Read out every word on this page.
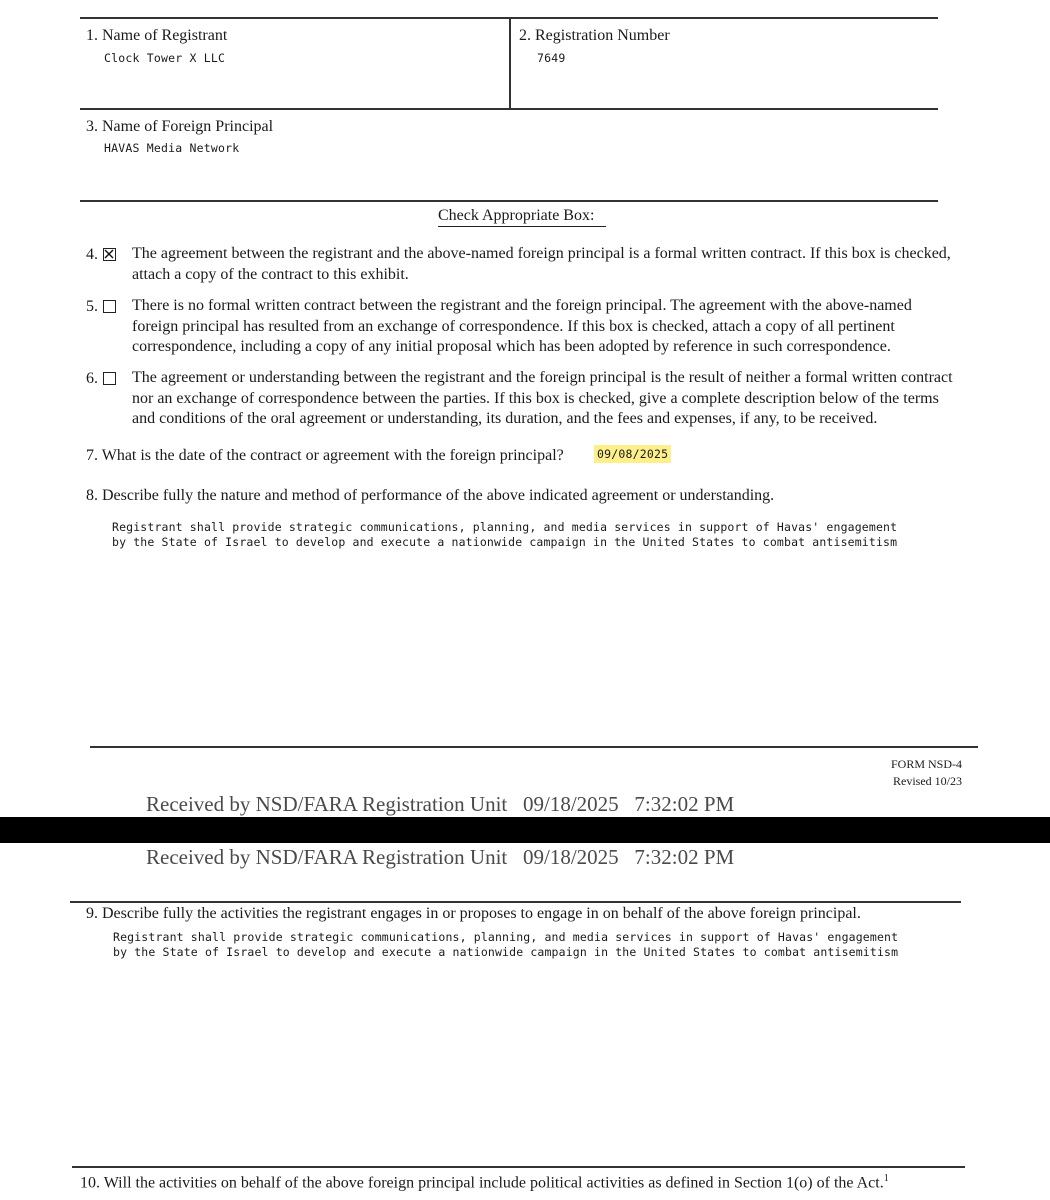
1. Name of Registrant
Clock Tower X LLC
2. Registration Number
7649
3. Name of Foreign Principal
HAVAS Media Network
Check Appropriate Box:
4. The agreement between the registrant and the above-named foreign principal is a formal written contract. If this box is checked, attach a copy of the contract to this exhibit.
5. There is no formal written contract between the registrant and the foreign principal. The agreement with the above-named foreign principal has resulted from an exchange of correspondence. If this box is checked, attach a copy of all pertinent correspondence, including a copy of any initial proposal which has been adopted by reference in such correspondence.
6. The agreement or understanding between the registrant and the foreign principal is the result of neither a formal written contract nor an exchange of correspondence between the parties. If this box is checked, give a complete description below of the terms and conditions of the oral agreement or understanding, its duration, and the fees and expenses, if any, to be received.
7. What is the date of the contract or agreement with the foreign principal?	09/08/2025
8. Describe fully the nature and method of performance of the above indicated agreement or understanding.
Registrant shall provide strategic communications, planning, and media services in support of Havas' engagement
by the State of Israel to develop and execute a nationwide campaign in the United States to combat antisemitism
FORM NSD-4
Revised 10/23
Received by NSD/FARA Registration Unit   09/18/2025   7:32:02 PM
Received by NSD/FARA Registration Unit   09/18/2025   7:32:02 PM
9. Describe fully the activities the registrant engages in or proposes to engage in on behalf of the above foreign principal.
Registrant shall provide strategic communications, planning, and media services in support of Havas' engagement
by the State of Israel to develop and execute a nationwide campaign in the United States to combat antisemitism
10. Will the activities on behalf of the above foreign principal include political activities as defined in Section 1(o) of the Act.$^1$
